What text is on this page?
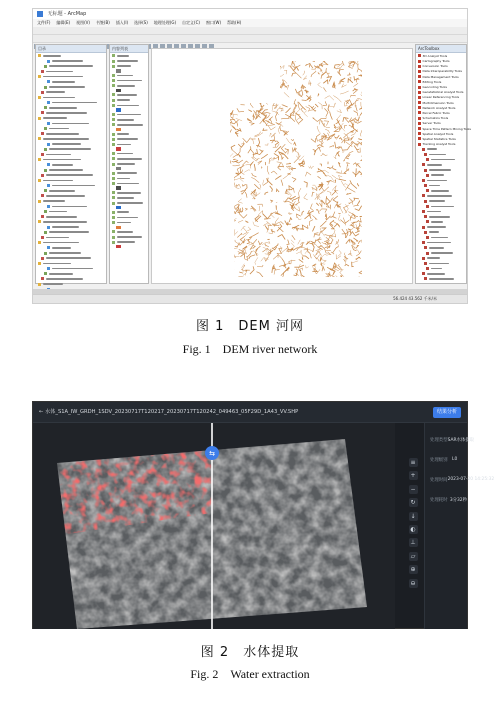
无标题 - ArcMap
文件(F) 编辑(E) 视图(V) 书签(B) 插入(I) 选择(S) 地理处理(G) 自定义(C) 窗口(W) 帮助(H)
目录	内容列表	ArcToolbox
3D Analyst Tools
Cartography Tools
Conversion Tools
Data Interoperability Tools
Data Management Tools
Editing Tools
Geocoding Tools
Geostatistical Analyst Tools
Linear Referencing Tools
Multidimension Tools
Network Analyst Tools
Parcel Fabric Tools
Schematics Tools
Server Tools
Space Time Pattern Mining Tools
Spatial Analyst Tools
Spatial Statistics Tools
Tracking Analyst Tools
56.424 43.562 千米/米
图 1　DEM 河网
Fig. 1　DEM river network
← 水体_S1A_IW_GRDH_1SDV_20230717T120217_20230717T120242_049463_05F29D_1A43_VV.SHP	结果分析
⇆
≡
+
−
↻
↓
◐
⊥
▱
⊕
⊖
处理类型 SAR水体提取
处理级别	L0
处理时间 2023-07-20 14:25:32
处理耗时 3分32秒
图 2　水体提取
Fig. 2　Water extraction
